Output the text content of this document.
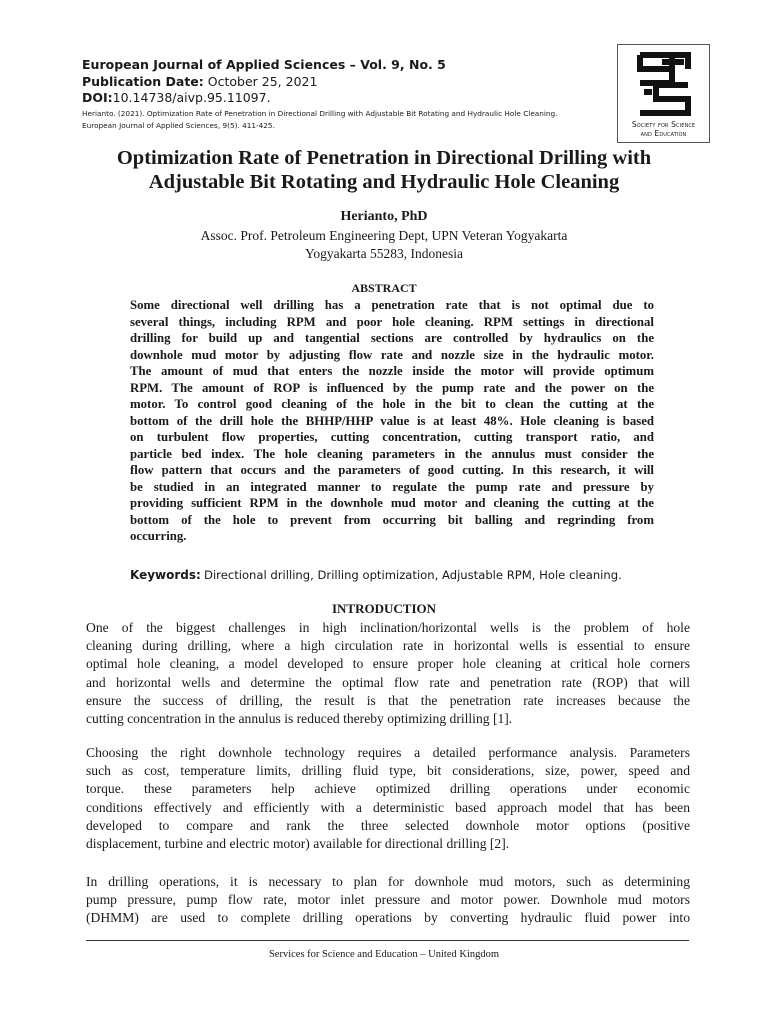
European Journal of Applied Sciences – Vol. 9, No. 5
Publication Date: October 25, 2021
DOI:10.14738/aivp.95.11097.
Herianto. (2021). Optimization Rate of Penetration in Directional Drilling with Adjustable Bit Rotating and Hydraulic Hole Cleaning.
European Journal of Applied Sciences, 9(5). 411-425.	Society for Science
and Education
Optimization Rate of Penetration in Directional Drilling with
Adjustable Bit Rotating and Hydraulic Hole Cleaning
Herianto, PhD
Assoc. Prof. Petroleum Engineering Dept, UPN Veteran Yogyakarta
Yogyakarta 55283, Indonesia
ABSTRACT
Some directional well drilling has a penetration rate that is not optimal due to
several things, including RPM and poor hole cleaning. RPM settings in directional
drilling for build up and tangential sections are controlled by hydraulics on the
downhole mud motor by adjusting flow rate and nozzle size in the hydraulic motor.
The amount of mud that enters the nozzle inside the motor will provide optimum
RPM. The amount of ROP is influenced by the pump rate and the power on the
motor. To control good cleaning of the hole in the bit to clean the cutting at the
bottom of the drill hole the BHHP/HHP value is at least 48%. Hole cleaning is based
on turbulent flow properties, cutting concentration, cutting transport ratio, and
particle bed index. The hole cleaning parameters in the annulus must consider the
flow pattern that occurs and the parameters of good cutting. In this research, it will
be studied in an integrated manner to regulate the pump rate and pressure by
providing sufficient RPM in the downhole mud motor and cleaning the cutting at the
bottom of the hole to prevent from occurring bit balling and regrinding from
occurring.
Keywords: Directional drilling, Drilling optimization, Adjustable RPM, Hole cleaning.
INTRODUCTION
One of the biggest challenges in high inclination/horizontal wells is the problem of hole
cleaning during drilling, where a high circulation rate in horizontal wells is essential to ensure
optimal hole cleaning, a model developed to ensure proper hole cleaning at critical hole corners
and horizontal wells and determine the optimal flow rate and penetration rate (ROP) that will
ensure the success of drilling, the result is that the penetration rate increases because the
cutting concentration in the annulus is reduced thereby optimizing drilling [1].
Choosing the right downhole technology requires a detailed performance analysis. Parameters
such as cost, temperature limits, drilling fluid type, bit considerations, size, power, speed and
torque. these parameters help achieve optimized drilling operations under economic
conditions effectively and efficiently with a deterministic based approach model that has been
developed to compare and rank the three selected downhole motor options (positive
displacement, turbine and electric motor) available for directional drilling [2].
In drilling operations, it is necessary to plan for downhole mud motors, such as determining
pump pressure, pump flow rate, motor inlet pressure and motor power. Downhole mud motors
(DHMM) are used to complete drilling operations by converting hydraulic fluid power into
Services for Science and Education – United Kingdom
